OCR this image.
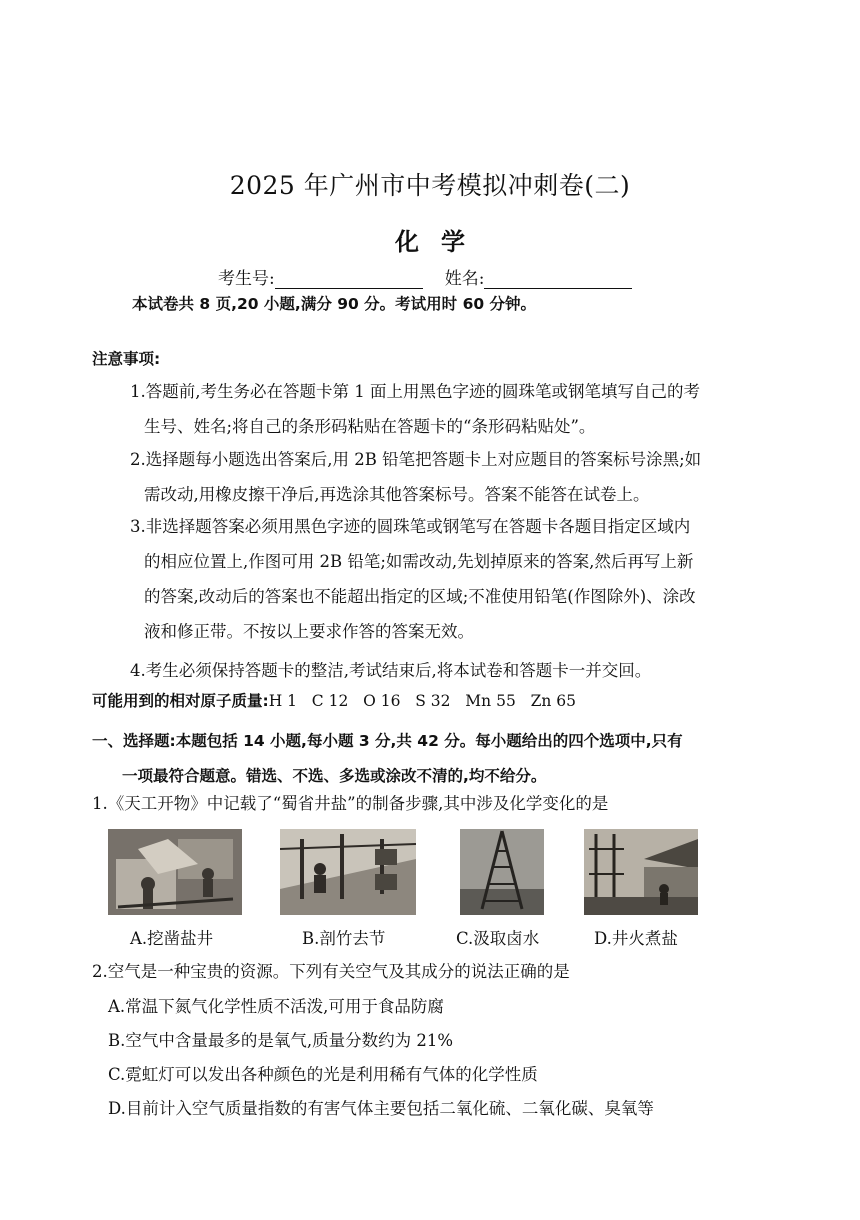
2025 年广州市中考模拟冲刺卷(二)
化学
考生号:	姓名:
本试卷共 8 页,20 小题,满分 90 分。考试用时 60 分钟。
注意事项:
1.答题前,考生务必在答题卡第 1 面上用黑色字迹的圆珠笔或钢笔填写自己的考
生号、姓名;将自己的条形码粘贴在答题卡的“条形码粘贴处”。
2.选择题每小题选出答案后,用 2B 铅笔把答题卡上对应题目的答案标号涂黑;如
需改动,用橡皮擦干净后,再选涂其他答案标号。答案不能答在试卷上。
3.非选择题答案必须用黑色字迹的圆珠笔或钢笔写在答题卡各题目指定区域内
的相应位置上,作图可用 2B 铅笔;如需改动,先划掉原来的答案,然后再写上新
的答案,改动后的答案也不能超出指定的区域;不准使用铅笔(作图除外)、涂改
液和修正带。不按以上要求作答的答案无效。
4.考生必须保持答题卡的整洁,考试结束后,将本试卷和答题卡一并交回。
可能用到的相对原子质量:H 1 C 12 O 16 S 32 Mn 55 Zn 65
一、选择题:本题包括 14 小题,每小题 3 分,共 42 分。每小题给出的四个选项中,只有
一项最符合题意。错选、不选、多选或涂改不清的,均不给分。
1.《天工开物》中记载了“蜀省井盐”的制备步骤,其中涉及化学变化的是
A.挖凿盐井	B.剖竹去节	C.汲取卤水	D.井火煮盐
2.空气是一种宝贵的资源。下列有关空气及其成分的说法正确的是
A.常温下氮气化学性质不活泼,可用于食品防腐
B.空气中含量最多的是氧气,质量分数约为 21%
C.霓虹灯可以发出各种颜色的光是利用稀有气体的化学性质
D.目前计入空气质量指数的有害气体主要包括二氧化硫、二氧化碳、臭氧等
